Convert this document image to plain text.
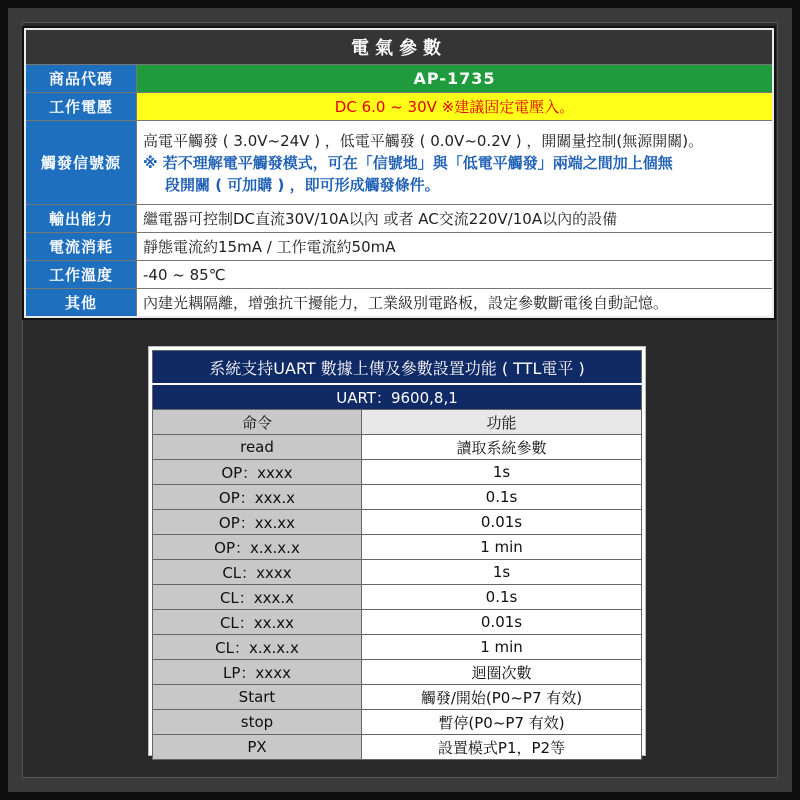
電氣參數	
商品代碼	AP-1735
工作電壓	DC 6.0 ~ 30V ※建議固定電壓入。
觸發信號源	高電平觸發 ( 3.0V~24V ) ，低電平觸發 ( 0.0V~0.2V ) ，開關量控制(無源開關)。
※ 若不理解電平觸發模式，可在「信號地」與「低電平觸發」兩端之間加上個無
段開關 ( 可加購 ) ，即可形成觸發條件。

輸出能力	繼電器可控制DC直流30V/10A以內 或者 AC交流220V/10A以內的設備
電流消耗	靜態電流約15mA / 工作電流約50mA
工作溫度	-40 ~ 85℃
其他	內建光耦隔離，增強抗干擾能力，工業級別電路板，設定參數斷電後自動記憶。
系統支持UART 數據上傳及參數設置功能 ( TTL電平 )	
UART：9600,8,1	
命令	功能
read	讀取系統參數
OP：xxxx	1s
OP：xxx.x	0.1s
OP：xx.xx	0.01s
OP：x.x.x.x	1 min
CL：xxxx	1s
CL：xxx.x	0.1s
CL：xx.xx	0.01s
CL：x.x.x.x	1 min
LP：xxxx	迴圈次數
Start	觸發/開始(P0~P7 有效)
stop	暫停(P0~P7 有效)
PX	設置模式P1，P2等
